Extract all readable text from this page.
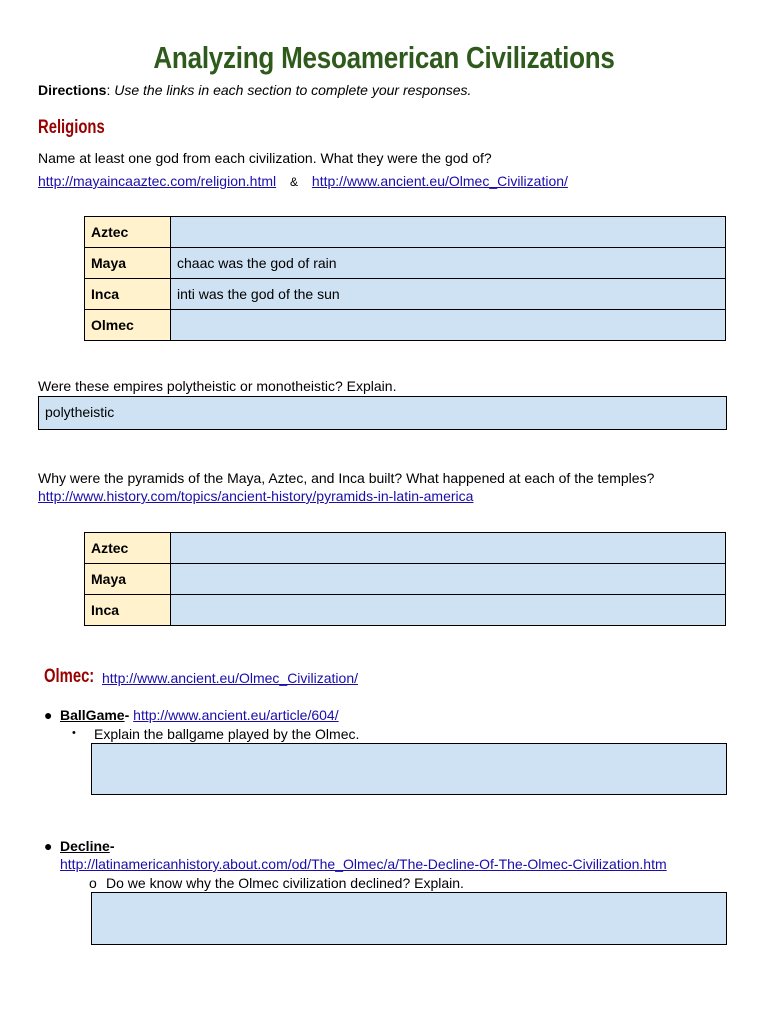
Analyzing Mesoamerican Civilizations
Directions: Use the links in each section to complete your responses.
Religions
Name at least one god from each civilization. What they were the god of?
http://mayaincaaztec.com/religion.html & http://www.ancient.eu/Olmec_Civilization/
Aztec	
Maya	chaac was the god of rain
Inca	inti was the god of the sun
Olmec	
Were these empires polytheistic or monotheistic? Explain.
polytheistic
Why were the pyramids of the Maya, Aztec, and Inca built? What happened at each of the temples?
http://www.history.com/topics/ancient-history/pyramids-in-latin-america
Aztec	
Maya	
Inca	
Olmec: http://www.ancient.eu/Olmec_Civilization/
● BallGame- http://www.ancient.eu/article/604/
• Explain the ballgame played by the Olmec.
● Decline-
http://latinamericanhistory.about.com/od/The_Olmec/a/The-Decline-Of-The-Olmec-Civilization.htm
o Do we know why the Olmec civilization declined? Explain.
